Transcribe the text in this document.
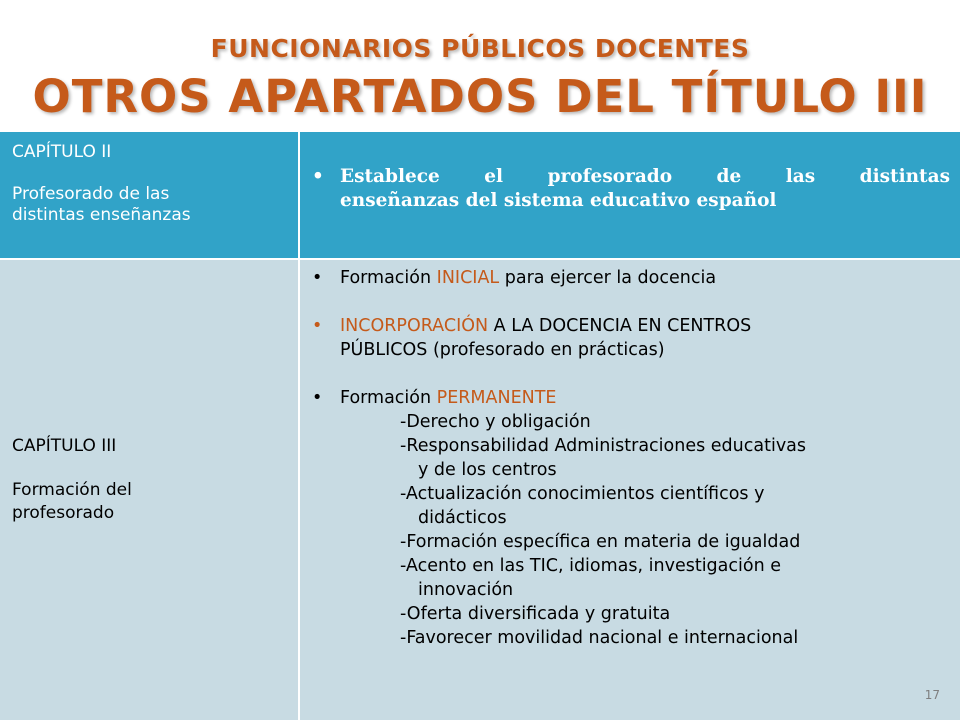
FUNCIONARIOS PÚBLICOS DOCENTES
OTROS APARTADOS DEL TÍTULO III
CAPÍTULO II
Profesorado de las
distintas enseñanzas
• Establece el profesorado de las distintas
enseñanzas del sistema educativo español
CAPÍTULO III
Formación del
profesorado
• Formación INICIAL para ejercer la docencia
• INCORPORACIÓN A LA DOCENCIA EN CENTROS
PÚBLICOS (profesorado en prácticas)
• Formación PERMANENTE
-Derecho y obligación
-Responsabilidad Administraciones educativas
y de los centros
-Actualización conocimientos científicos y
didácticos
-Formación específica en materia de igualdad
-Acento en las TIC, idiomas, investigación e
innovación
-Oferta diversificada y gratuita
-Favorecer movilidad nacional e internacional
17
